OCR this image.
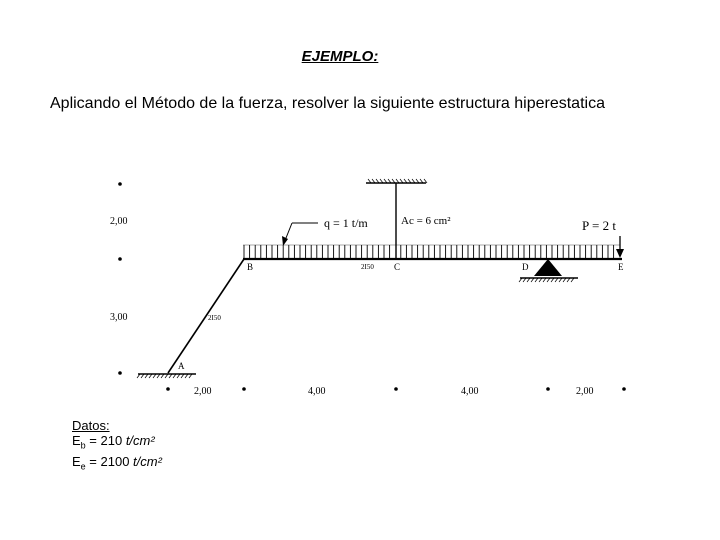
EJEMPLO:
Aplicando el Método de la fuerza, resolver la siguiente estructura hiperestatica
2,00
3,00
2,00	4,00	4,00	2,00
A
B	C	D	E
2I50
2I50
q = 1 t/m	Ac = 6 cm²	P = 2 t
Datos:
$E_b = 210$ t/cm²
$E_e = 2100$ t/cm²
